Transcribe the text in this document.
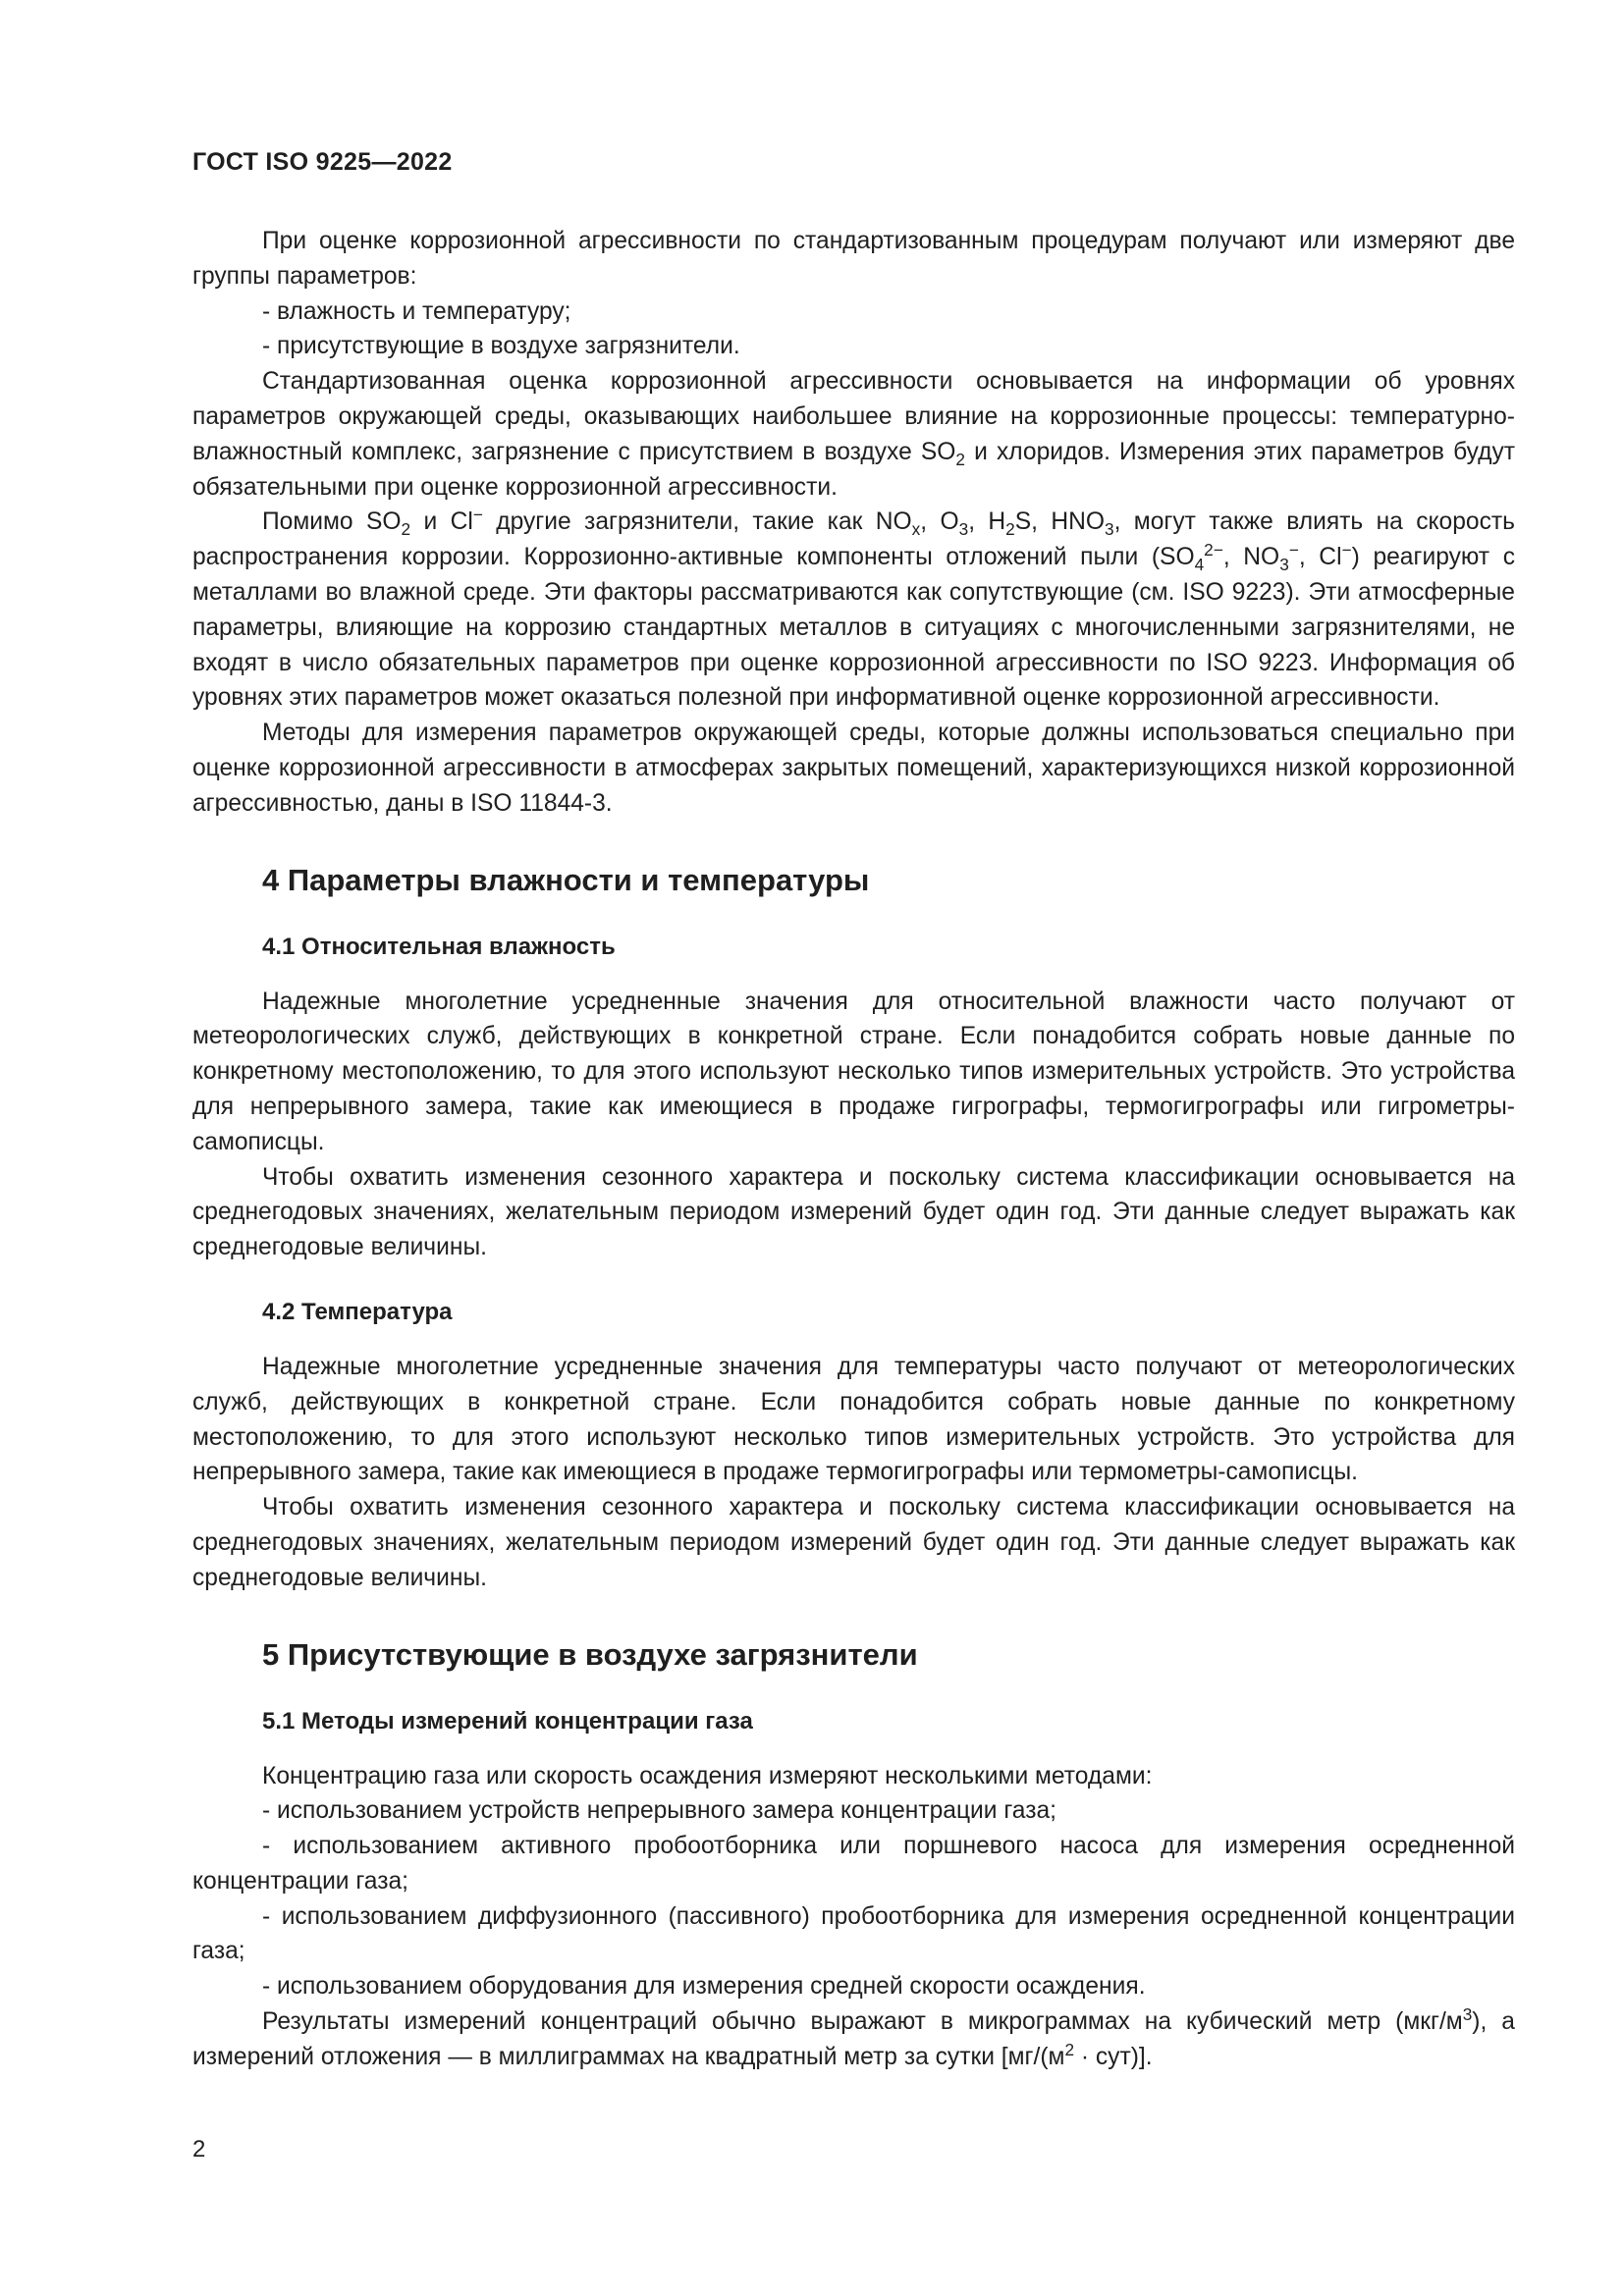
ГОСТ ISO 9225—2022

При оценке коррозионной агрессивности по стандартизованным процедурам получают или измеряют две группы параметров:

- влажность и температуру;

- присутствующие в воздухе загрязнители.

Стандартизованная оценка коррозионной агрессивности основывается на информации об уровнях параметров окружающей среды, оказывающих наибольшее влияние на коррозионные процессы: температурно-влажностный комплекс, загрязнение с присутствием в воздухе $SO_2$ и хлоридов. Измерения этих параметров будут обязательными при оценке коррозионной агрессивности.

Помимо $SO_2$ и Cl− другие загрязнители, такие как $NO_x$, $O_3$, $H_2S$, $HNO_3$, могут также влиять на скорость распространения коррозии. Коррозионно-активные компоненты отложений пыли ($SO_4^{2-}$, $NO_3^-$, Cl−) реагируют с металлами во влажной среде. Эти факторы рассматриваются как сопутствующие (см. ISO 9223). Эти атмосферные параметры, влияющие на коррозию стандартных металлов в ситуациях с многочисленными загрязнителями, не входят в число обязательных параметров при оценке коррозионной агрессивности по ISO 9223. Информация об уровнях этих параметров может оказаться полезной при информативной оценке коррозионной агрессивности.

Методы для измерения параметров окружающей среды, которые должны использоваться специально при оценке коррозионной агрессивности в атмосферах закрытых помещений, характеризующихся низкой коррозионной агрессивностью, даны в ISO 11844-3.

4 Параметры влажности и температуры
4.1 Относительная влажность

Надежные многолетние усредненные значения для относительной влажности часто получают от метеорологических служб, действующих в конкретной стране. Если понадобится собрать новые данные по конкретному местоположению, то для этого используют несколько типов измерительных устройств. Это устройства для непрерывного замера, такие как имеющиеся в продаже гигрографы, термогигрографы или гигрометры-самописцы.

Чтобы охватить изменения сезонного характера и поскольку система классификации основывается на среднегодовых значениях, желательным периодом измерений будет один год. Эти данные следует выражать как среднегодовые величины.

4.2 Температура

Надежные многолетние усредненные значения для температуры часто получают от метеорологических служб, действующих в конкретной стране. Если понадобится собрать новые данные по конкретному местоположению, то для этого используют несколько типов измерительных устройств. Это устройства для непрерывного замера, такие как имеющиеся в продаже термогигрографы или термометры-самописцы.

Чтобы охватить изменения сезонного характера и поскольку система классификации основывается на среднегодовых значениях, желательным периодом измерений будет один год. Эти данные следует выражать как среднегодовые величины.

5 Присутствующие в воздухе загрязнители
5.1 Методы измерений концентрации газа

Концентрацию газа или скорость осаждения измеряют несколькими методами:

- использованием устройств непрерывного замера концентрации газа;

- использованием активного пробоотборника или поршневого насоса для измерения осредненной концентрации газа;

- использованием диффузионного (пассивного) пробоотборника для измерения осредненной концентрации газа;

- использованием оборудования для измерения средней скорости осаждения.

Результаты измерений концентраций обычно выражают в микрограммах на кубический метр $(мкг/м^3)$, а измерений отложения — в миллиграммах на квадратный метр за сутки $[мг/(м^2 \cdot сут)]$.

2
